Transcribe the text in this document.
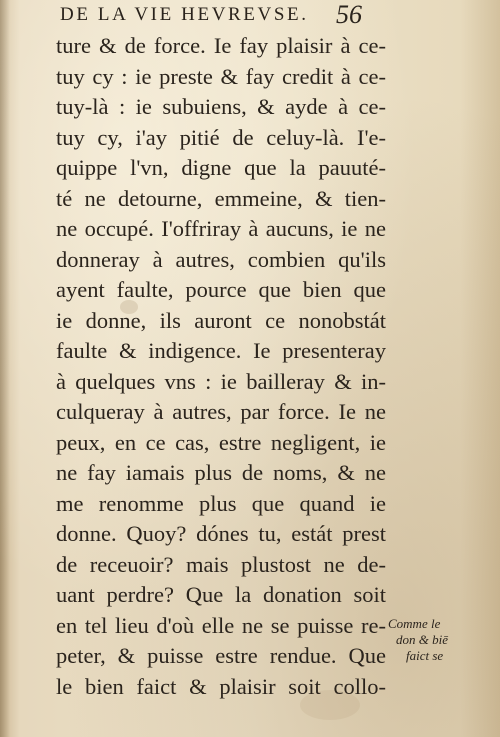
DE LA VIE HEVREVSE. 56
ture & de force. Ie fay plaisir à ce-
tuy cy : ie preste & fay credit à ce-
tuy-là : ie subuiens, & ayde à ce-
tuy cy, i'ay pitié de celuy-là. I'e-
quippe l'vn, digne que la pauuté-
té ne detourne, emmeine, & tien-
ne occupé. I'offriray à aucuns, ie ne
donneray à autres, combien qu'ils
ayent faulte, pource que bien que
ie donne, ils auront ce nonobstát
faulte & indigence. Ie presenteray
à quelques vns : ie bailleray & in-
culqueray à autres, par force. Ie ne
peux, en ce cas, estre negligent, ie
ne fay iamais plus de noms, & ne
me renomme plus que quand ie
donne. Quoy? dónes tu, estát prest
de receuoir? mais plustost ne de-
uant perdre? Que la donation soit
en tel lieu d'où elle ne se puisse re-
peter, & puisse estre rendue. Que
le bien faict & plaisir soit collo-
Comme le
don & biē
faict se
